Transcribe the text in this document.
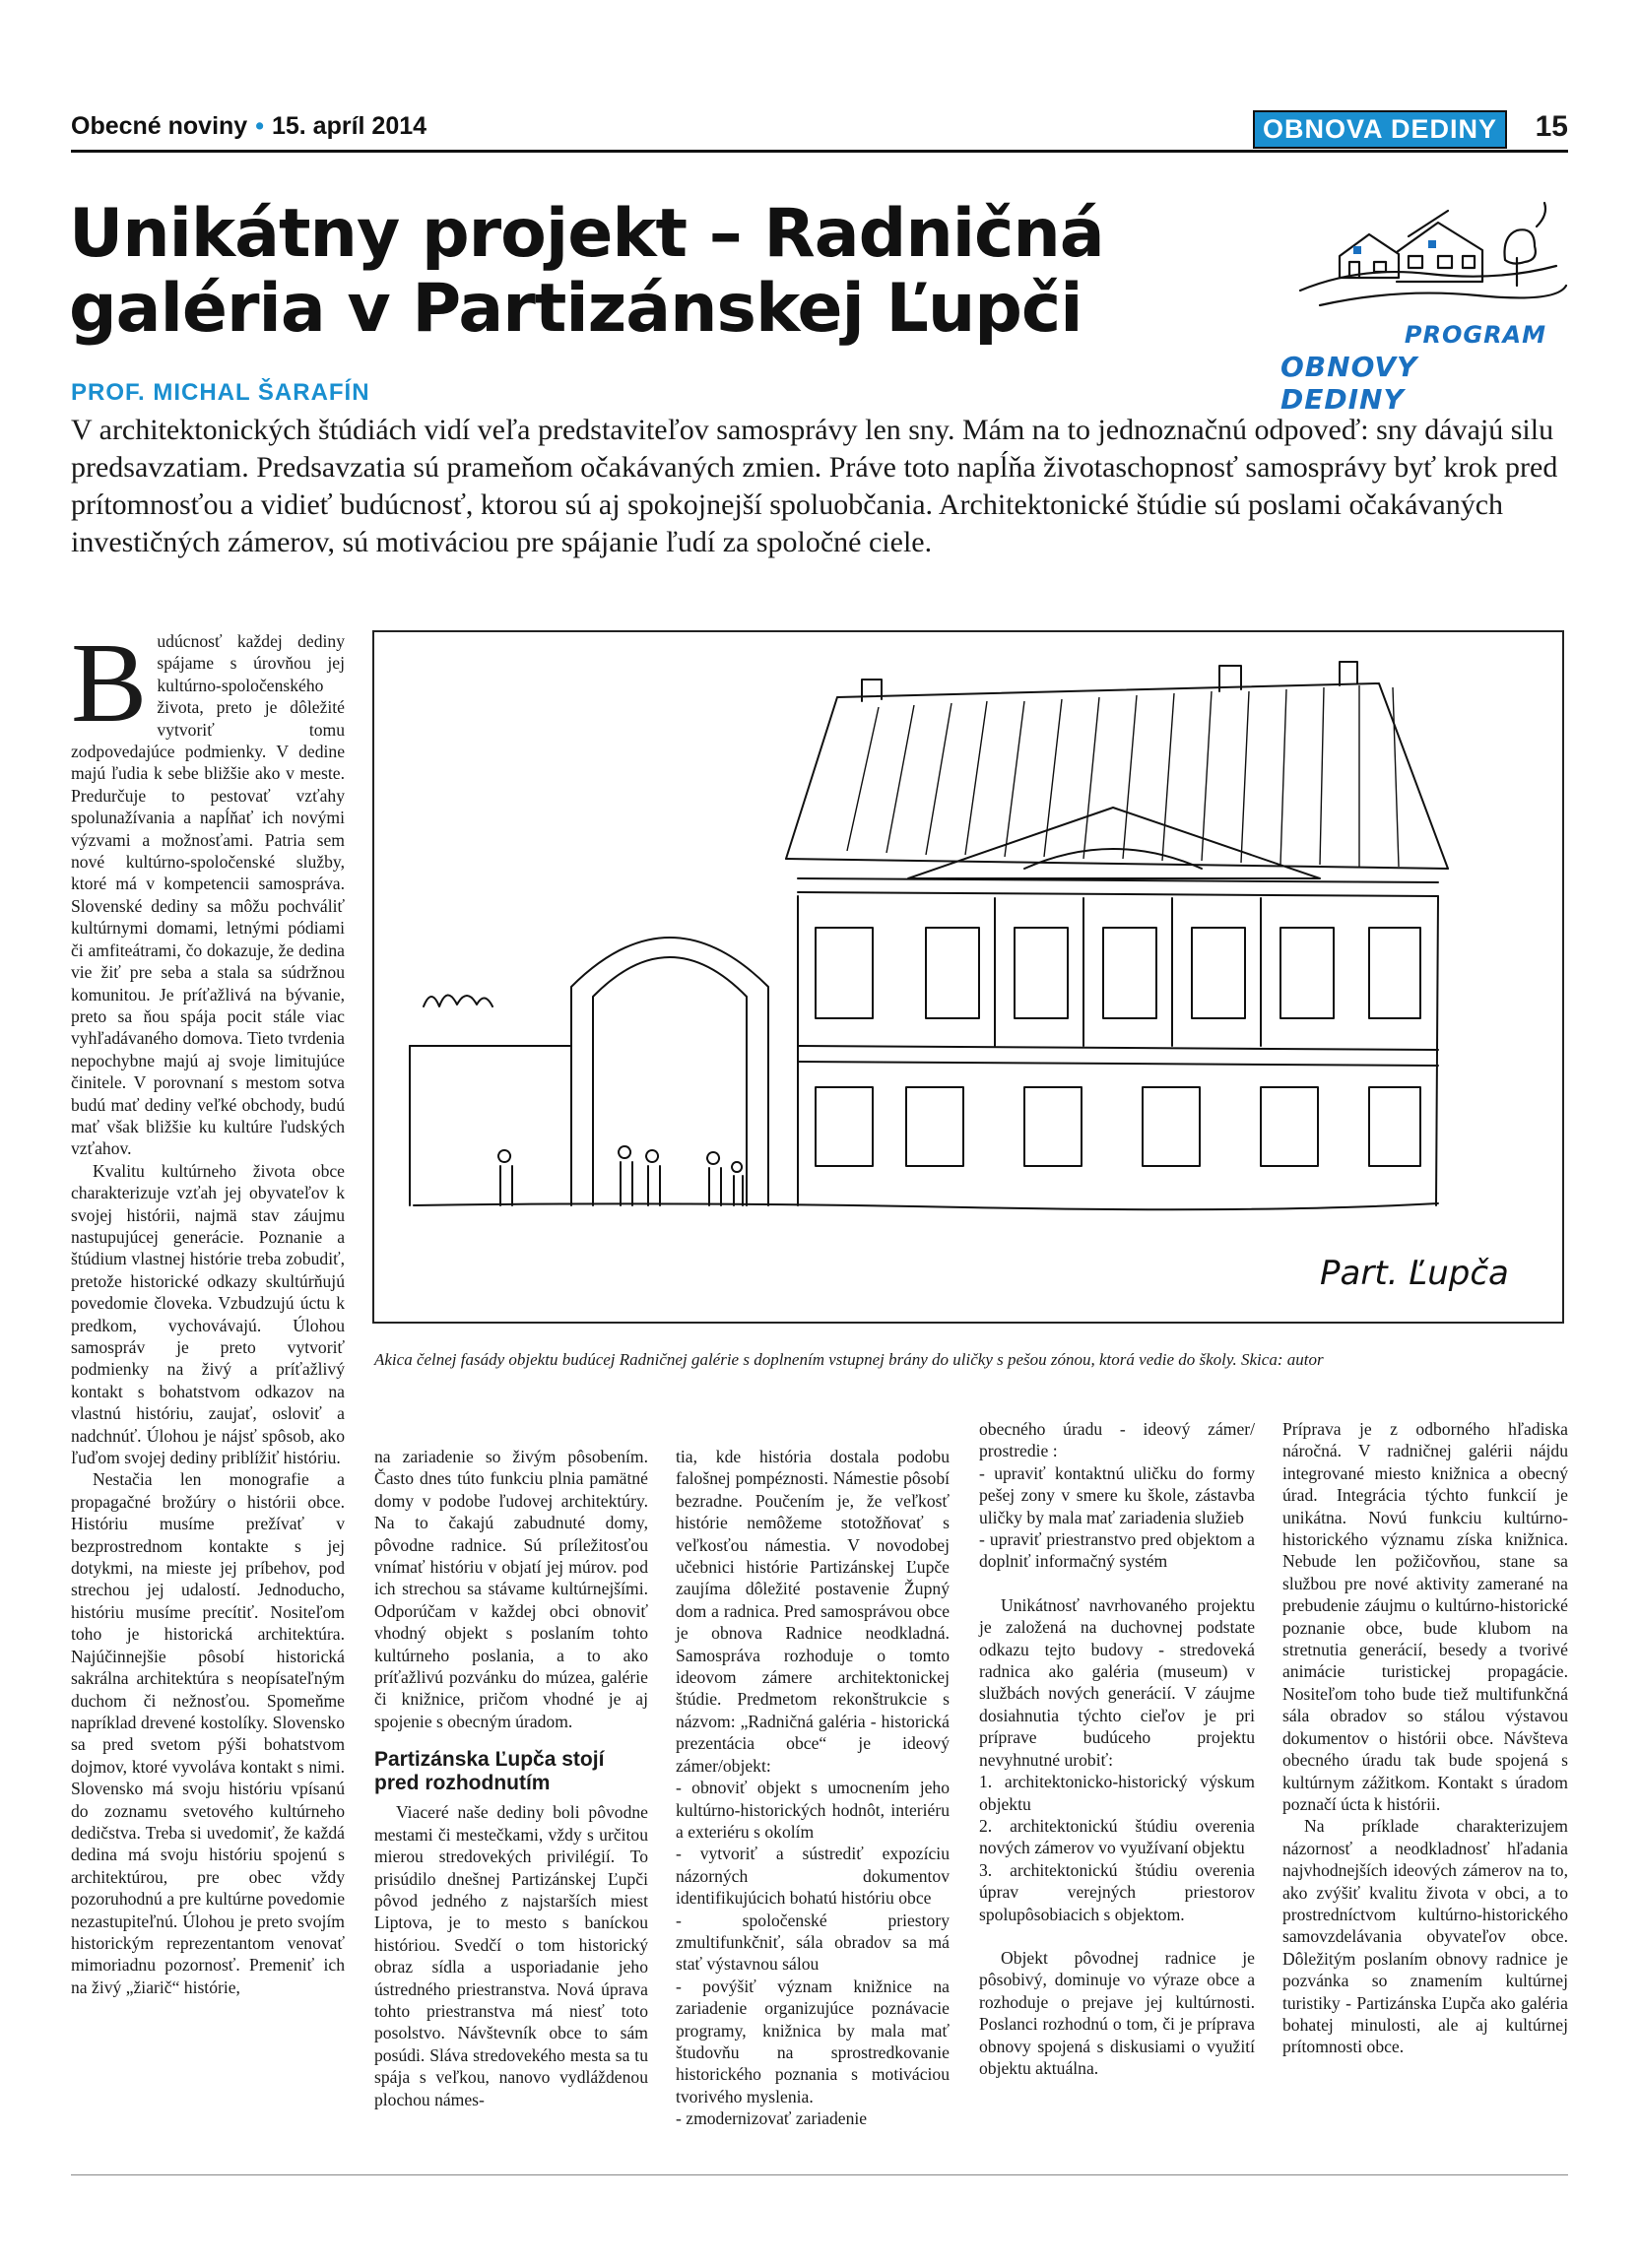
Obecné noviny • 15. apríl 2014	OBNOVA DEDINY	15
Unikátny projekt – Radničná
galéria v Partizánskej Ľupči
PROF. MICHAL ŠARAFÍN
PROGRAM
OBNOVY DEDINY
V architektonických štúdiách vidí veľa predstaviteľov samosprávy len sny. Mám na to jednoznačnú odpoveď: sny dávajú silu predsavzatiam. Predsavzatia sú prameňom očakávaných zmien. Práve toto napĺňa životaschopnosť samosprávy byť krok pred prítomnosťou a vidieť budúcnosť, ktorou sú aj spokojnejší spoluobčania. Architektonické štúdie sú poslami očakávaných investičných zámerov, sú motiváciou pre spájanie ľudí za spoločné ciele.

Budúcnosť každej dediny spájame s úrovňou jej kultúrno-spoločenského života, preto je dôležité vytvoriť tomu zodpovedajúce podmienky. V dedine majú ľudia k sebe bližšie ako v meste. Predurčuje to pestovať vzťahy spolunažívania a napĺňať ich novými výzvami a možnosťami. Patria sem nové kultúrno-spoločenské služby, ktoré má v kompetencii samospráva. Slovenské dediny sa môžu pochváliť kultúrnymi domami, letnými pódiami či amfiteátrami, čo dokazuje, že dedina vie žiť pre seba a stala sa súdržnou komunitou. Je príťažlivá na bývanie, preto sa ňou spája pocit stále viac vyhľadávaného domova. Tieto tvrdenia nepochybne majú aj svoje limitujúce činitele. V porovnaní s mestom sotva budú mať dediny veľké obchody, budú mať však bližšie ku kultúre ľudských vzťahov.

Kvalitu kultúrneho života obce charakterizuje vzťah jej obyvateľov k svojej histórii, najmä stav záujmu nastupujúcej generácie. Poznanie a štúdium vlastnej histórie treba zobudiť, pretože historické odkazy skultúrňujú povedomie človeka. Vzbudzujú úctu k predkom, vychovávajú. Úlohou samospráv je preto vytvoriť podmienky na živý a príťažlivý kontakt s bohatstvom odkazov na vlastnú históriu, zaujať, osloviť a nadchnúť. Úlohou je nájsť spôsob, ako ľuďom svojej dediny priblížiť históriu.

Nestačia len monografie a propagačné brožúry o histórii obce. Históriu musíme prežívať v bezprostrednom kontakte s jej dotykmi, na mieste jej príbehov, pod strechou jej udalostí. Jednoducho, históriu musíme precítiť. Nositeľom toho je historická architektúra. Najúčinnejšie pôsobí historická sakrálna architektúra s neopísateľným duchom či nežnosťou. Spomeňme napríklad drevené kostolíky. Slovensko sa pred svetom pýši bohatstvom dojmov, ktoré vyvoláva kontakt s nimi. Slovensko má svoju históriu vpísanú do zoznamu svetového kultúrneho dedičstva. Treba si uvedomiť, že každá dedina má svoju históriu spojenú s architektúrou, pre obec vždy pozoruhodnú a pre kultúrne povedomie nezastupiteľnú. Úlohou je preto svojím historickým reprezentantom venovať mimoriadnu pozornosť. Premeniť ich na živý „žiarič“ histórie,

Part. Ľupča
Akica čelnej fasády objektu budúcej Radničnej galérie s doplnením vstupnej brány do uličky s pešou zónou, ktorá vedie do školy. Skica: autor

na zariadenie so živým pôsobením. Často dnes túto funkciu plnia pamätné domy v podobe ľudovej architektúry. Na to čakajú zabudnuté domy, pôvodne radnice. Sú príležitosťou vnímať históriu v objatí jej múrov. pod ich strechou sa stávame kultúrnejšími. Odporúčam v každej obci obnoviť vhodný objekt s poslaním tohto kultúrneho poslania, a to ako príťažlivú pozvánku do múzea, galérie či knižnice, pričom vhodné je aj spojenie s obecným úradom.

Partizánska Ľupča stojí pred rozhodnutím

Viaceré naše dediny boli pôvodne mestami či mestečkami, vždy s určitou mierou stredovekých privilégií. To prisúdilo dnešnej Partizánskej Ľupči pôvod jedného z najstarších miest Liptova, je to mesto s baníckou históriou. Svedčí o tom historický obraz sídla a usporiadanie jeho ústredného priestranstva. Nová úprava tohto priestranstva má niesť toto posolstvo. Návštevník obce to sám posúdi. Sláva stredovekého mesta sa tu spája s veľkou, nanovo vydláždenou plochou námes-

tia, kde história dostala podobu falošnej pompéznosti. Námestie pôsobí bezradne. Poučením je, že veľkosť histórie nemôžeme stotožňovať s veľkosťou námestia. V novodobej učebnici histórie Partizánskej Ľupče zaujíma dôležité postavenie Župný dom a radnica. Pred samosprávou obce je obnova Radnice neodkladná. Samospráva rozhoduje o tomto ideovom zámere architektonickej štúdie. Predmetom rekonštrukcie s názvom: „Radničná galéria - historická prezentácia obce“ je ideový zámer/objekt:

- obnoviť objekt s umocnením jeho kultúrno-historických hodnôt, interiéru a exteriéru s okolím

- vytvoriť a sústrediť expozíciu názorných dokumentov identifikujúcich bohatú históriu obce

- spoločenské priestory zmultifunkčniť, sála obradov sa má stať výstavnou sálou

- povýšiť význam knižnice na zariadenie organizujúce poznávacie programy, knižnica by mala mať študovňu na sprostredkovanie historického poznania s motiváciou tvorivého myslenia.

- zmodernizovať zariadenie

obecného úradu - ideový zámer/ prostredie :

- upraviť kontaktnú uličku do formy pešej zony v smere ku škole, zástavba uličky by mala mať zariadenia služieb

- upraviť priestranstvo pred objektom a doplniť informačný systém

Unikátnosť navrhovaného projektu je založená na duchovnej podstate odkazu tejto budovy - stredoveká radnica ako galéria (museum) v službách nových generácií. V záujme dosiahnutia týchto cieľov je pri príprave budúceho projektu nevyhnutné urobiť:

1. architektonicko-historický výskum objektu

2. architektonickú štúdiu overenia nových zámerov vo využívaní objektu

3. architektonickú štúdiu overenia úprav verejných priestorov spolupôsobiacich s objektom.

Objekt pôvodnej radnice je pôsobivý, dominuje vo výraze obce a rozhoduje o prejave jej kultúrnosti. Poslanci rozhodnú o tom, či je príprava obnovy spojená s diskusiami o využití objektu aktuálna.

Príprava je z odborného hľadiska náročná. V radničnej galérii nájdu integrované miesto knižnica a obecný úrad. Integrácia týchto funkcií je unikátna. Novú funkciu kultúrno-historického významu získa knižnica. Nebude len požičovňou, stane sa službou pre nové aktivity zamerané na prebudenie záujmu o kultúrno-historické poznanie obce, bude klubom na stretnutia generácií, besedy a tvorivé animácie turistickej propagácie. Nositeľom toho bude tiež multifunkčná sála obradov so stálou výstavou dokumentov o histórii obce. Návšteva obecného úradu tak bude spojená s kultúrnym zážitkom. Kontakt s úradom poznačí úcta k histórii.

Na príklade charakterizujem názornosť a neodkladnosť hľadania najvhodnejších ideových zámerov na to, ako zvýšiť kvalitu života v obci, a to prostredníctvom kultúrno-historického samovzdelávania obyvateľov obce. Dôležitým poslaním obnovy radnice je pozvánka so znamením kultúrnej turistiky - Partizánska Ľupča ako galéria bohatej minulosti, ale aj kultúrnej prítomnosti obce.
